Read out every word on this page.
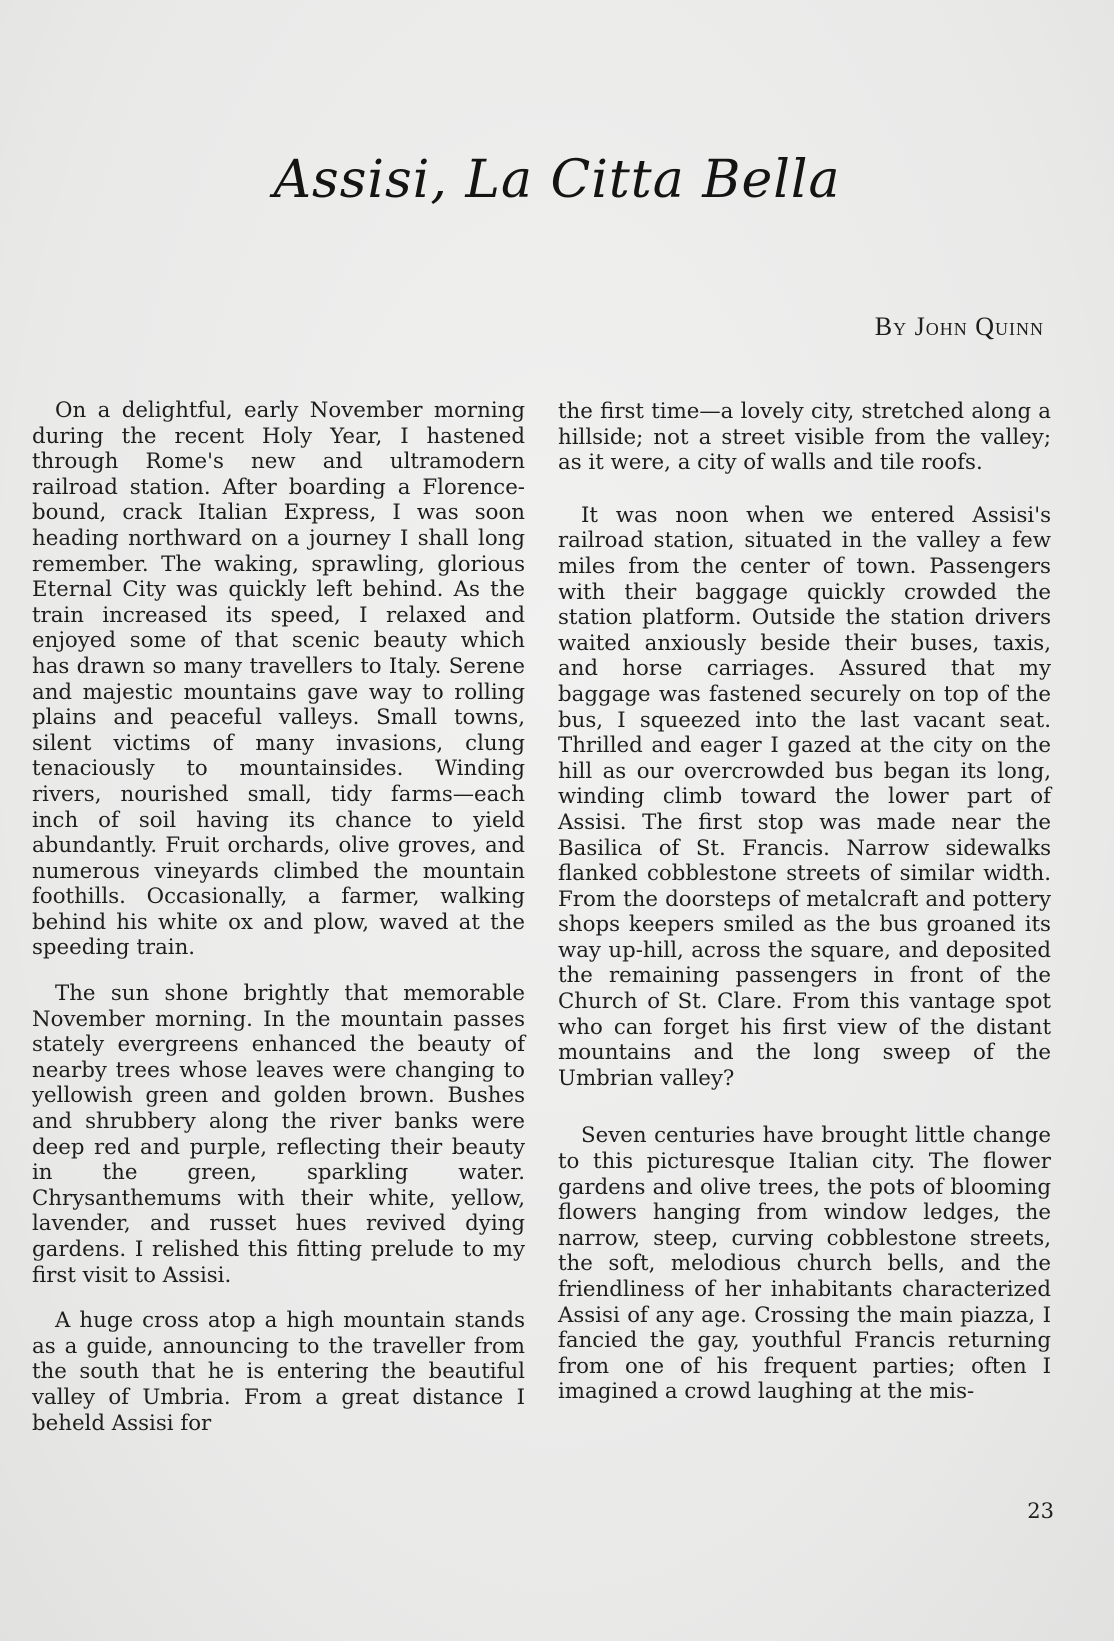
Assisi, La Citta Bella
By John Quinn

On a delightful, early November morning during the recent Holy Year, I hastened through Rome's new and ultramodern railroad station. After boarding a Florence-bound, crack Italian Express, I was soon heading northward on a journey I shall long remember. The waking, sprawling, glorious Eternal City was quickly left behind. As the train increased its speed, I relaxed and enjoyed some of that scenic beauty which has drawn so many travellers to Italy. Serene and majestic mountains gave way to rolling plains and peaceful valleys. Small towns, silent victims of many invasions, clung tenaciously to mountainsides. Winding rivers, nourished small, tidy farms—each inch of soil having its chance to yield abundantly. Fruit orchards, olive groves, and numerous vineyards climbed the mountain foothills. Occasionally, a farmer, walking behind his white ox and plow, waved at the speeding train.

The sun shone brightly that memorable November morning. In the mountain passes stately evergreens enhanced the beauty of nearby trees whose leaves were changing to yellowish green and golden brown. Bushes and shrubbery along the river banks were deep red and purple, reflecting their beauty in the green, sparkling water. Chrysanthemums with their white, yellow, lavender, and russet hues revived dying gardens. I relished this fitting prelude to my first visit to Assisi.

A huge cross atop a high mountain stands as a guide, announcing to the traveller from the south that he is entering the beautiful valley of Umbria. From a great distance I beheld Assisi for

the first time—a lovely city, stretched along a hillside; not a street visible from the valley; as it were, a city of walls and tile roofs.

It was noon when we entered Assisi's railroad station, situated in the valley a few miles from the center of town. Passengers with their baggage quickly crowded the station platform. Outside the station drivers waited anxiously beside their buses, taxis, and horse carriages. Assured that my baggage was fastened securely on top of the bus, I squeezed into the last vacant seat. Thrilled and eager I gazed at the city on the hill as our overcrowded bus began its long, winding climb toward the lower part of Assisi. The first stop was made near the Basilica of St. Francis. Narrow sidewalks flanked cobblestone streets of similar width. From the doorsteps of metalcraft and pottery shops keepers smiled as the bus groaned its way up-hill, across the square, and deposited the remaining passengers in front of the Church of St. Clare. From this vantage spot who can forget his first view of the distant mountains and the long sweep of the Umbrian valley?

Seven centuries have brought little change to this picturesque Italian city. The flower gardens and olive trees, the pots of blooming flowers hanging from window ledges, the narrow, steep, curving cobblestone streets, the soft, melodious church bells, and the friendliness of her inhabitants characterized Assisi of any age. Crossing the main piazza, I fancied the gay, youthful Francis returning from one of his frequent parties; often I imagined a crowd laughing at the mis-

23
